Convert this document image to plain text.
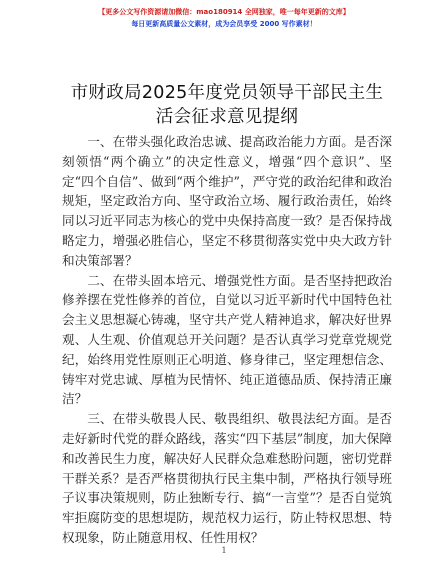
【更多公文写作资源请加微信：mao180914 全网独家，唯一每年更新的文库】
每日更新高质量公文素材，成为会员享受 2000 写作素材！
市财政局2025年度党员领导干部民主生活会征求意见提纲

一、在带头强化政治忠诚、提高政治能力方面。是否深刻领悟“两个确立”的决定性意义，增强“四个意识”、坚定“四个自信”、做到“两个维护”，严守党的政治纪律和政治规矩，坚定政治方向、坚守政治立场、履行政治责任，始终同以习近平同志为核心的党中央保持高度一致？是否保持战略定力，增强必胜信心，坚定不移贯彻落实党中央大政方针和决策部署？

二、在带头固本培元、增强党性方面。是否坚持把政治修养摆在党性修养的首位，自觉以习近平新时代中国特色社会主义思想凝心铸魂，坚守共产党人精神追求，解决好世界观、人生观、价值观总开关问题？是否认真学习党章党规党纪，始终用党性原则正心明道、修身律己，坚定理想信念、铸牢对党忠诚、厚植为民情怀、纯正道德品质、保持清正廉洁？

三、在带头敬畏人民、敬畏组织、敬畏法纪方面。是否走好新时代党的群众路线，落实“四下基层”制度，加大保障和改善民生力度，解决好人民群众急难愁盼问题，密切党群干群关系？是否严格贯彻执行民主集中制，严格执行领导班子议事决策规则，防止独断专行、搞“一言堂”？是否自觉筑牢拒腐防变的思想堤防，规范权力运行，防止特权思想、特权现象，防止随意用权、任性用权？

1
